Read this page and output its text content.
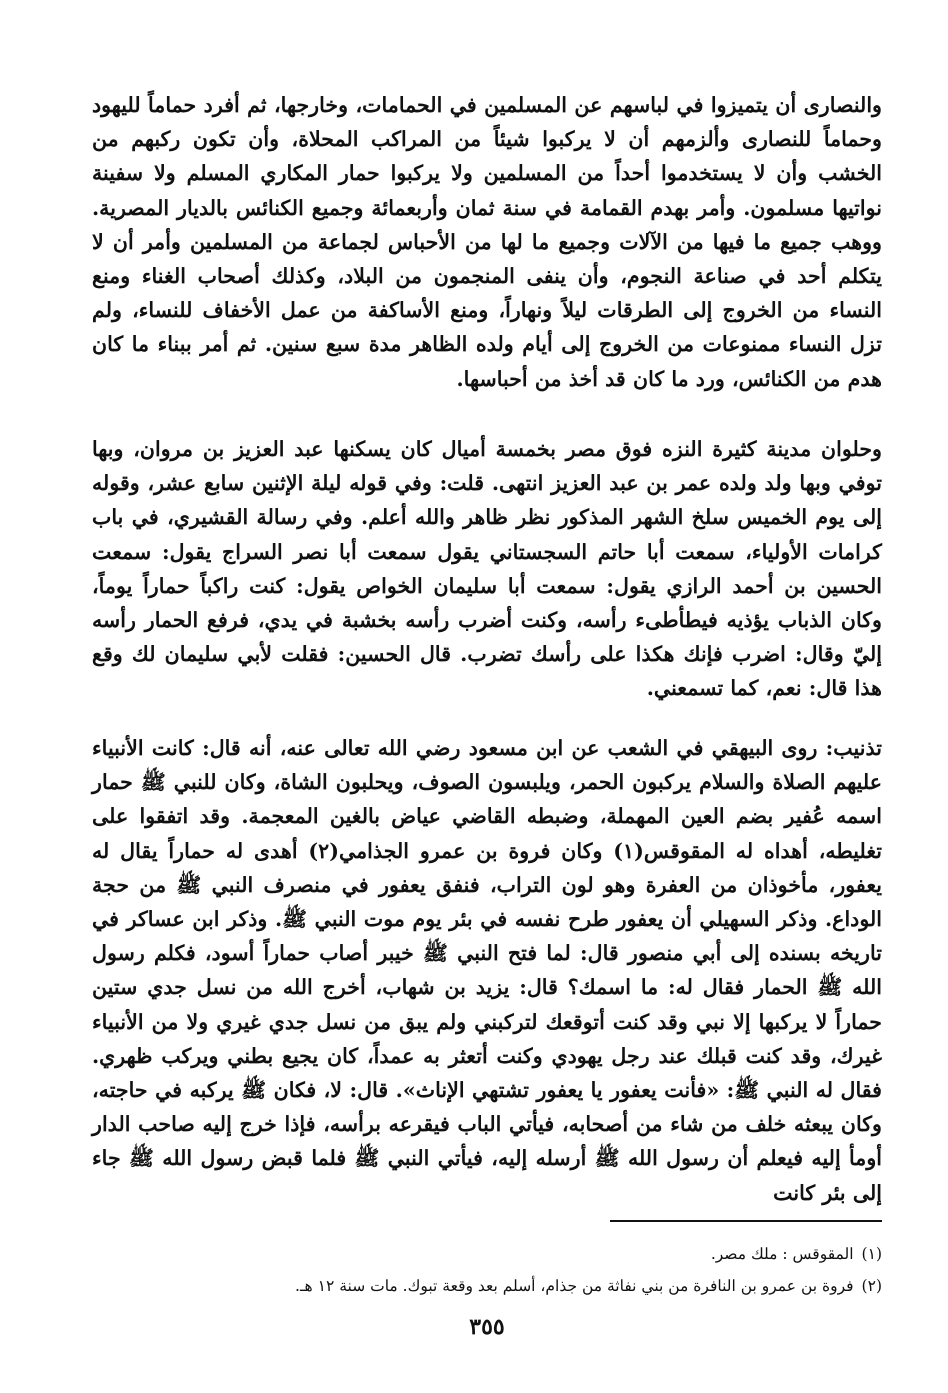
والنصارى أن يتميزوا في لباسهم عن المسلمين في الحمامات، وخارجها، ثم أفرد حماماً لليهود وحماماً للنصارى وألزمهم أن لا يركبوا شيئاً من المراكب المحلاة، وأن تكون ركبهم من الخشب وأن لا يستخدموا أحداً من المسلمين ولا يركبوا حمار المكاري المسلم ولا سفينة نواتيها مسلمون. وأمر بهدم القمامة في سنة ثمان وأربعمائة وجميع الكنائس بالديار المصرية. ووهب جميع ما فيها من الآلات وجميع ما لها من الأحباس لجماعة من المسلمين وأمر أن لا يتكلم أحد في صناعة النجوم، وأن ينفى المنجمون من البلاد، وكذلك أصحاب الغناء ومنع النساء من الخروج إلى الطرقات ليلاً ونهاراً، ومنع الأساكفة من عمل الأخفاف للنساء، ولم تزل النساء ممنوعات من الخروج إلى أيام ولده الظاهر مدة سبع سنين. ثم أمر ببناء ما كان هدم من الكنائس، ورد ما كان قد أخذ من أحباسها.

وحلوان مدينة كثيرة النزه فوق مصر بخمسة أميال كان يسكنها عبد العزيز بن مروان، وبها توفي وبها ولد ولده عمر بن عبد العزيز انتهى. قلت: وفي قوله ليلة الإثنين سابع عشر، وقوله إلى يوم الخميس سلخ الشهر المذكور نظر ظاهر والله أعلم. وفي رسالة القشيري، في باب كرامات الأولياء، سمعت أبا حاتم السجستاني يقول سمعت أبا نصر السراج يقول: سمعت الحسين بن أحمد الرازي يقول: سمعت أبا سليمان الخواص يقول: كنت راكباً حماراً يوماً، وكان الذباب يؤذيه فيطأطىء رأسه، وكنت أضرب رأسه بخشبة في يدي، فرفع الحمار رأسه إليّ وقال: اضرب فإنك هكذا على رأسك تضرب. قال الحسين: فقلت لأبي سليمان لك وقع هذا قال: نعم، كما تسمعني.

تذنيب: روى البيهقي في الشعب عن ابن مسعود رضي الله تعالى عنه، أنه قال: كانت الأنبياء عليهم الصلاة والسلام يركبون الحمر، ويلبسون الصوف، ويحلبون الشاة، وكان للنبي ﷺ حمار اسمه عُفير بضم العين المهملة، وضبطه القاضي عياض بالغين المعجمة. وقد اتفقوا على تغليطه، أهداه له المقوقس(١) وكان فروة بن عمرو الجذامي(٢) أهدى له حماراً يقال له يعفور، مأخوذان من العفرة وهو لون التراب، فنفق يعفور في منصرف النبي ﷺ من حجة الوداع. وذكر السهيلي أن يعفور طرح نفسه في بئر يوم موت النبي ﷺ. وذكر ابن عساكر في تاريخه بسنده إلى أبي منصور قال: لما فتح النبي ﷺ خيبر أصاب حماراً أسود، فكلم رسول الله ﷺ الحمار فقال له: ما اسمك؟ قال: يزيد بن شهاب، أخرج الله من نسل جدي ستين حماراً لا يركبها إلا نبي وقد كنت أتوقعك لتركبني ولم يبق من نسل جدي غيري ولا من الأنبياء غيرك، وقد كنت قبلك عند رجل يهودي وكنت أتعثر به عمداً، كان يجيع بطني ويركب ظهري. فقال له النبي ﷺ: «فأنت يعفور يا يعفور تشتهي الإناث». قال: لا، فكان ﷺ يركبه في حاجته، وكان يبعثه خلف من شاء من أصحابه، فيأتي الباب فيقرعه برأسه، فإذا خرج إليه صاحب الدار أومأ إليه فيعلم أن رسول الله ﷺ أرسله إليه، فيأتي النبي ﷺ فلما قبض رسول الله ﷺ جاء إلى بئر كانت

(١)المقوقس : ملك مصر.

(٢)فروة بن عمرو بن النافرة من بني نفاثة من جذام، أسلم بعد وقعة تبوك. مات سنة ١٢ هـ.

٣٥٥
